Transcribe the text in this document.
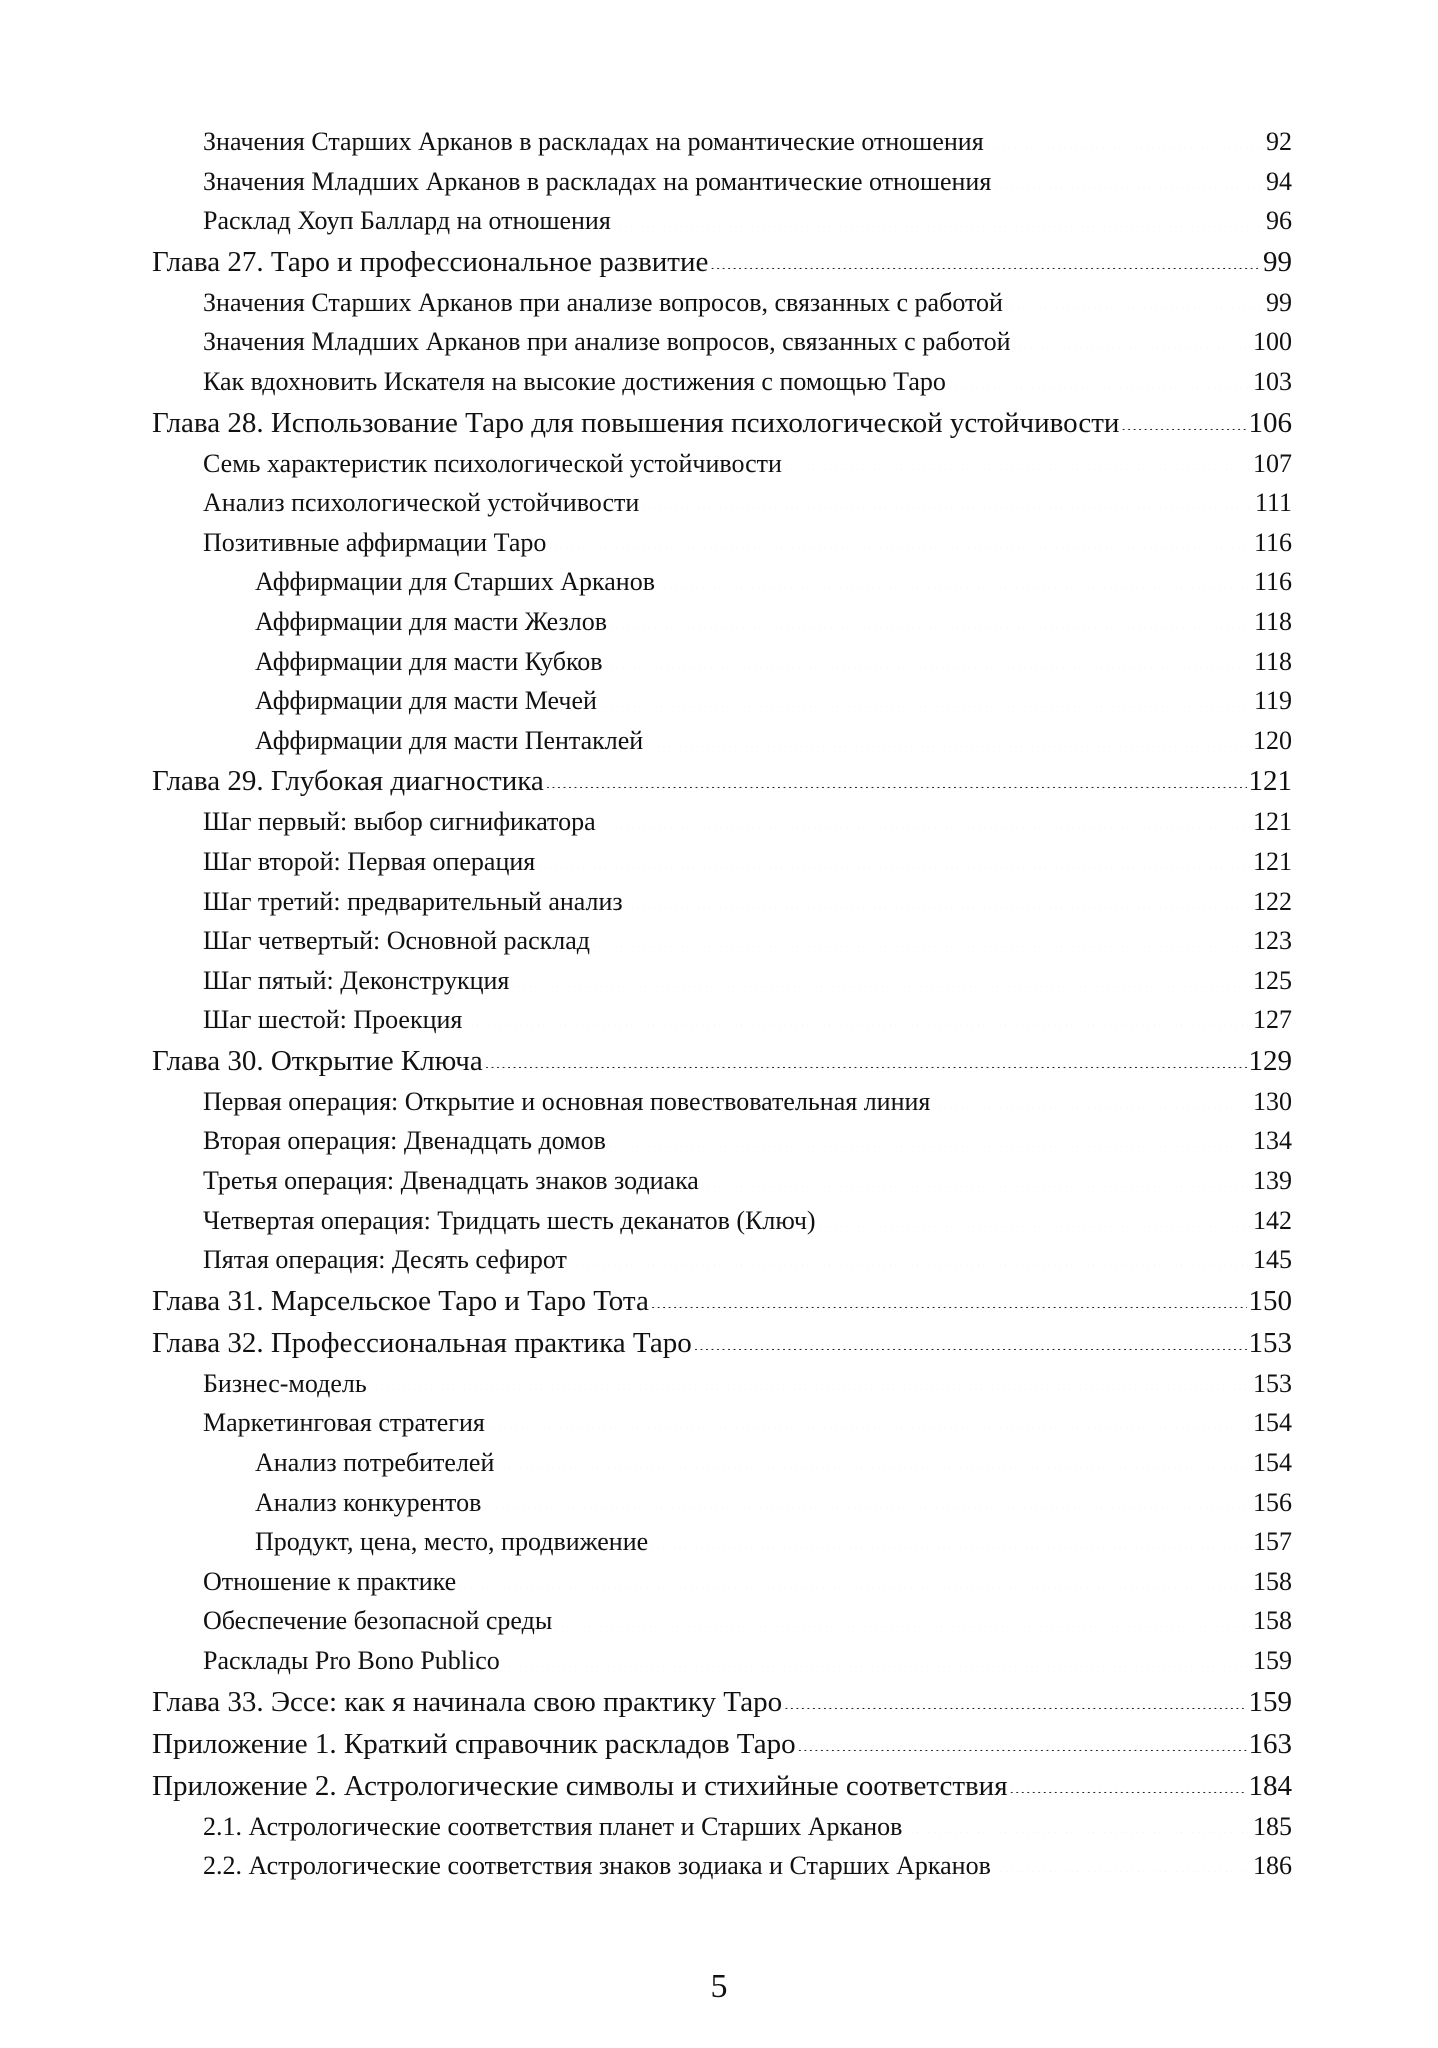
Значения Старших Арканов в раскладах на романтические отношения .....	92
Значения Младших Арканов в раскладах на романтические отношения .....	94
Расклад Хоуп Баллард на отношения .....	96
Глава 27. Таро и профессиональное развитие .....	99
Значения Старших Арканов при анализе вопросов, связанных с работой .....	99
Значения Младших Арканов при анализе вопросов, связанных с работой .....	100
Как вдохновить Искателя на высокие достижения с помощью Таро .....	103
Глава 28. Использование Таро для повышения психологической устойчивости .....	106
Семь характеристик психологической устойчивости .....	107
Анализ психологической устойчивости .....	111
Позитивные аффирмации Таро .....	116
Аффирмации для Старших Арканов .....	116
Аффирмации для масти Жезлов .....	118
Аффирмации для масти Кубков .....	118
Аффирмации для масти Мечей .....	119
Аффирмации для масти Пентаклей .....	120
Глава 29. Глубокая диагностика .....	121
Шаг первый: выбор сигнификатора .....	121
Шаг второй: Первая операция .....	121
Шаг третий: предварительный анализ .....	122
Шаг четвертый: Основной расклад .....	123
Шаг пятый: Деконструкция .....	125
Шаг шестой: Проекция .....	127
Глава 30. Открытие Ключа .....	129
Первая операция: Открытие и основная повествовательная линия .....	130
Вторая операция: Двенадцать домов .....	134
Третья операция: Двенадцать знаков зодиака .....	139
Четвертая операция: Тридцать шесть деканатов (Ключ) .....	142
Пятая операция: Десять сефирот .....	145
Глава 31. Марсельское Таро и Таро Тота .....	150
Глава 32. Профессиональная практика Таро .....	153
Бизнес-модель .....	153
Маркетинговая стратегия .....	154
Анализ потребителей .....	154
Анализ конкурентов .....	156
Продукт, цена, место, продвижение .....	157
Отношение к практике .....	158
Обеспечение безопасной среды .....	158
Расклады Pro Bono Publico .....	159
Глава 33. Эссе: как я начинала свою практику Таро .....	159
Приложение 1. Краткий справочник раскладов Таро .....	163
Приложение 2. Астрологические символы и стихийные соответствия .....	184
2.1. Астрологические соответствия планет и Старших Арканов .....	185
2.2. Астрологические соответствия знаков зодиака и Старших Арканов .....	186
5
